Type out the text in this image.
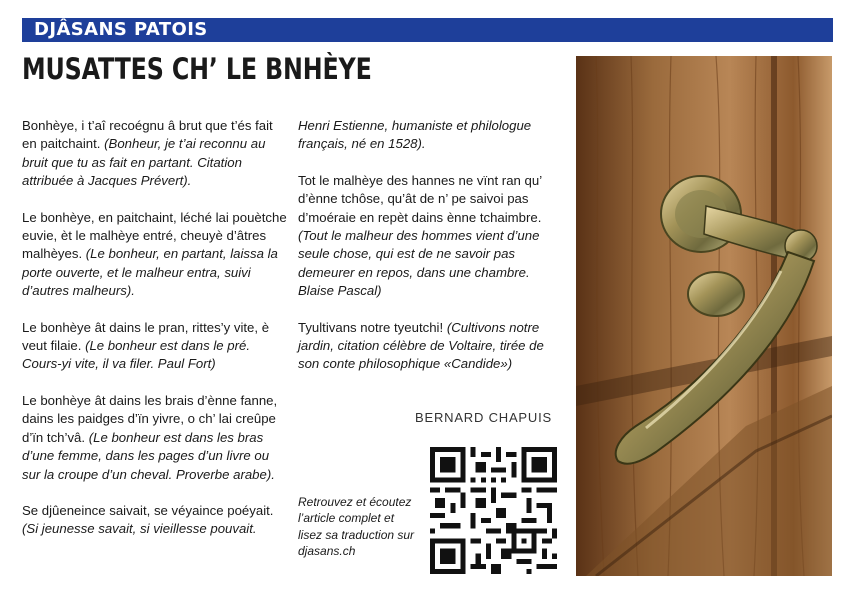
DJÂSANS PATOIS
MUSATTES CH’ LE BNHÈYE

Bonhèye, i t’aî recoégnu â brut que t’és fait en paitchaint. (Bonheur, je t’ai reconnu au bruit que tu as fait en partant. Citation attribuée à Jacques Prévert).

Le bonhèye, en paitchaint, léché lai pouètche euvie, èt le malhèye entré, cheuyè d’âtres malhèyes. (Le bonheur, en partant, laissa la porte ouverte, et le malheur entra, suivi d’autres malheurs).

Le bonhèye ât dains le pran, rittes’y vite, è veut filaie. (Le bonheur est dans le pré. Cours-yi vite, il va filer. Paul Fort)

Le bonhèye ât dains les brais d’ènne fanne, dains les paidges d’ïn yivre, o ch’ lai creûpe d’ïn tch’vâ. (Le bonheur est dans les bras d’une femme, dans les pages d’un livre ou sur la croupe d’un cheval. Proverbe arabe).

Se djûeneince saivait, se véyaince poéyait. (Si jeunesse savait, si vieillesse pouvait.

Henri Estienne, humaniste et philologue français, né en 1528).

Tot le malhèye des hannes ne vïnt ran qu’ d’ènne tchôse, qu’ât de n’ pe saivoi pas d’moéraie en repèt dains ènne tchaimbre. (Tout le malheur des hommes vient d’une seule chose, qui est de ne savoir pas demeurer en repos, dans une chambre. Blaise Pascal)

Tyultivans notre tyeutchi! (Cultivons notre jardin, citation célèbre de Voltaire, tirée de son conte philosophique «Candide»)

BERNARD CHAPUIS
Retrouvez et écoutez l’article complet et lisez sa traduction sur djasans.ch
